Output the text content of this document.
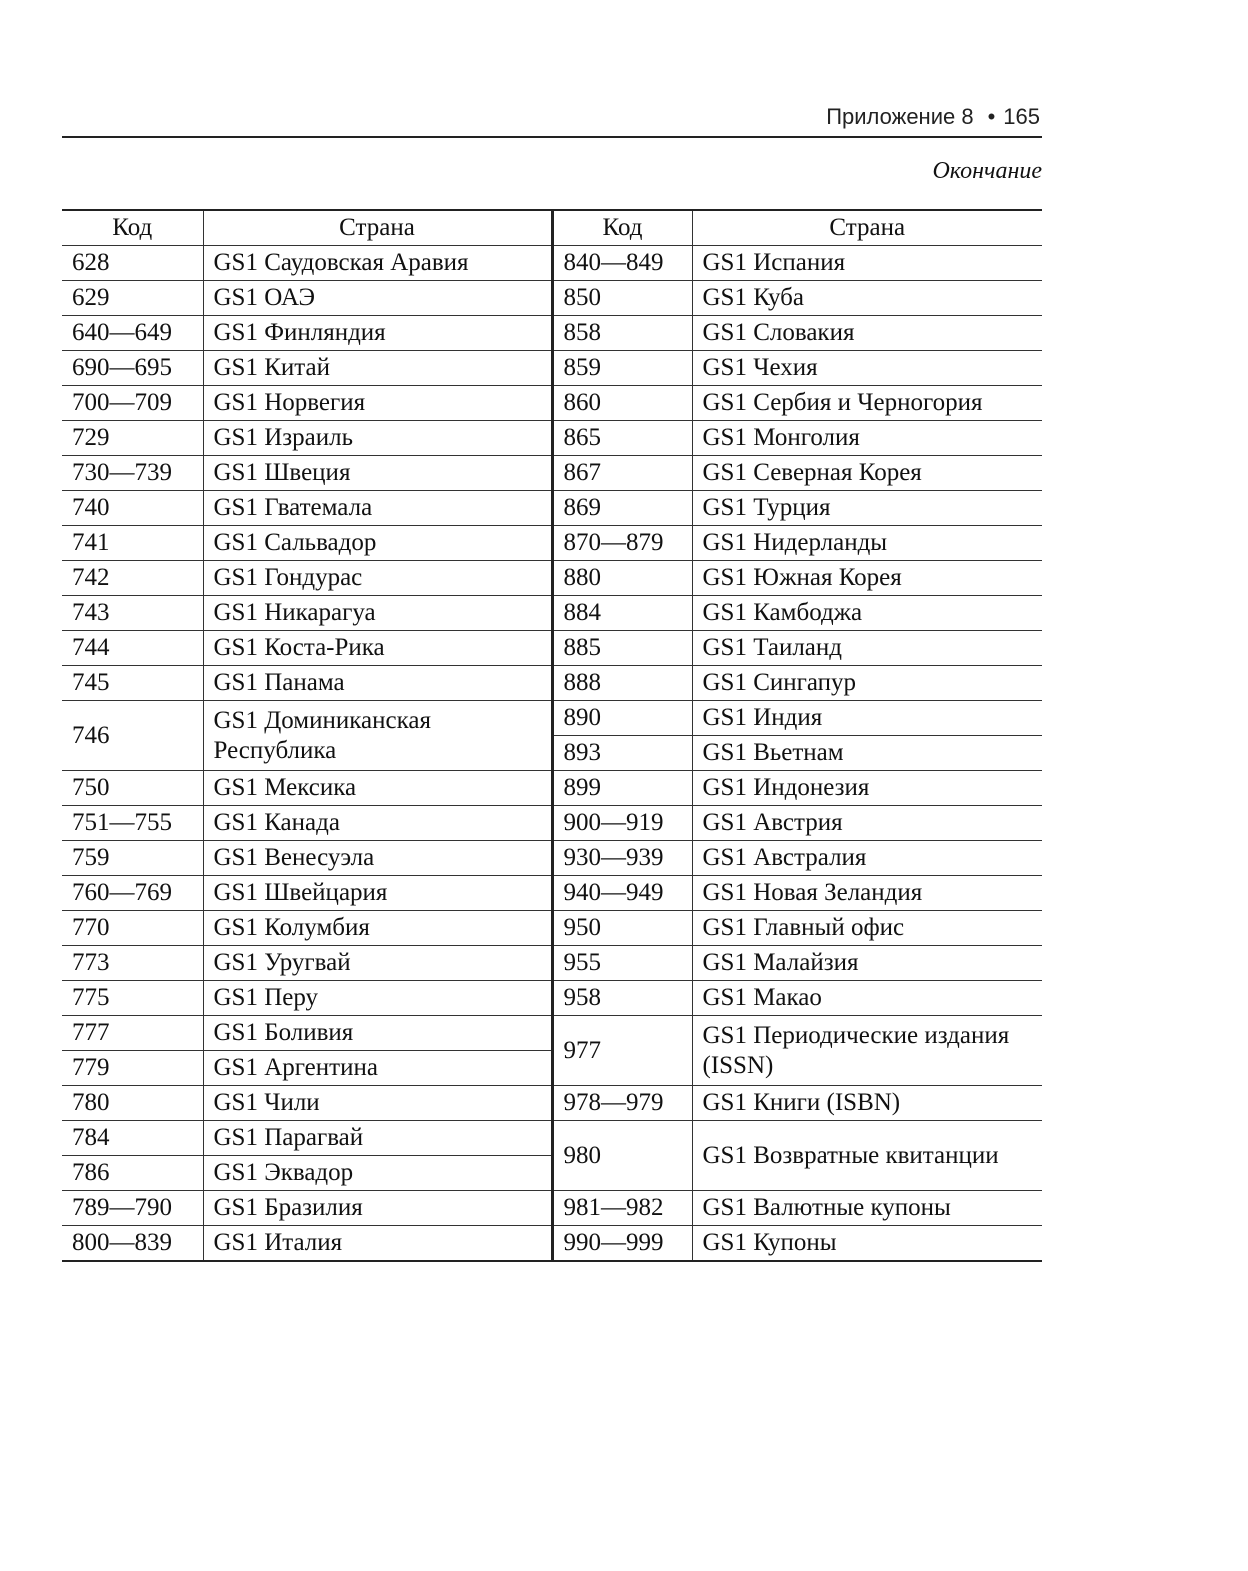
Приложение 8 • 165
Окончание
Код	Страна	Код	Страна
628	GS1 Саудовская Аравия	840—849	GS1 Испания
629	GS1 ОАЭ	850	GS1 Куба
640—649	GS1 Финляндия	858	GS1 Словакия
690—695	GS1 Китай	859	GS1 Чехия
700—709	GS1 Норвегия	860	GS1 Сербия и Черногория
729	GS1 Израиль	865	GS1 Монголия
730—739	GS1 Швеция	867	GS1 Северная Корея
740	GS1 Гватемала	869	GS1 Турция
741	GS1 Сальвадор	870—879	GS1 Нидерланды
742	GS1 Гондурас	880	GS1 Южная Корея
743	GS1 Никарагуа	884	GS1 Камбоджа
744	GS1 Коста-Рика	885	GS1 Таиланд
745	GS1 Панама	888	GS1 Сингапур
746	GS1 Доминиканская Республика	890	GS1 Индия
		893	GS1 Вьетнам
750	GS1 Мексика	899	GS1 Индонезия
751—755	GS1 Канада	900—919	GS1 Австрия
759	GS1 Венесуэла	930—939	GS1 Австралия
760—769	GS1 Швейцария	940—949	GS1 Новая Зеландия
770	GS1 Колумбия	950	GS1 Главный офис
773	GS1 Уругвай	955	GS1 Малайзия
775	GS1 Перу	958	GS1 Макао
777	GS1 Боливия	977	GS1 Периодические издания (ISSN)
779	GS1 Аргентина		
780	GS1 Чили	978—979	GS1 Книги (ISBN)
784	GS1 Парагвай	980	GS1 Возвратные квитанции
786	GS1 Эквадор		
789—790	GS1 Бразилия	981—982	GS1 Валютные купоны
800—839	GS1 Италия	990—999	GS1 Купоны
